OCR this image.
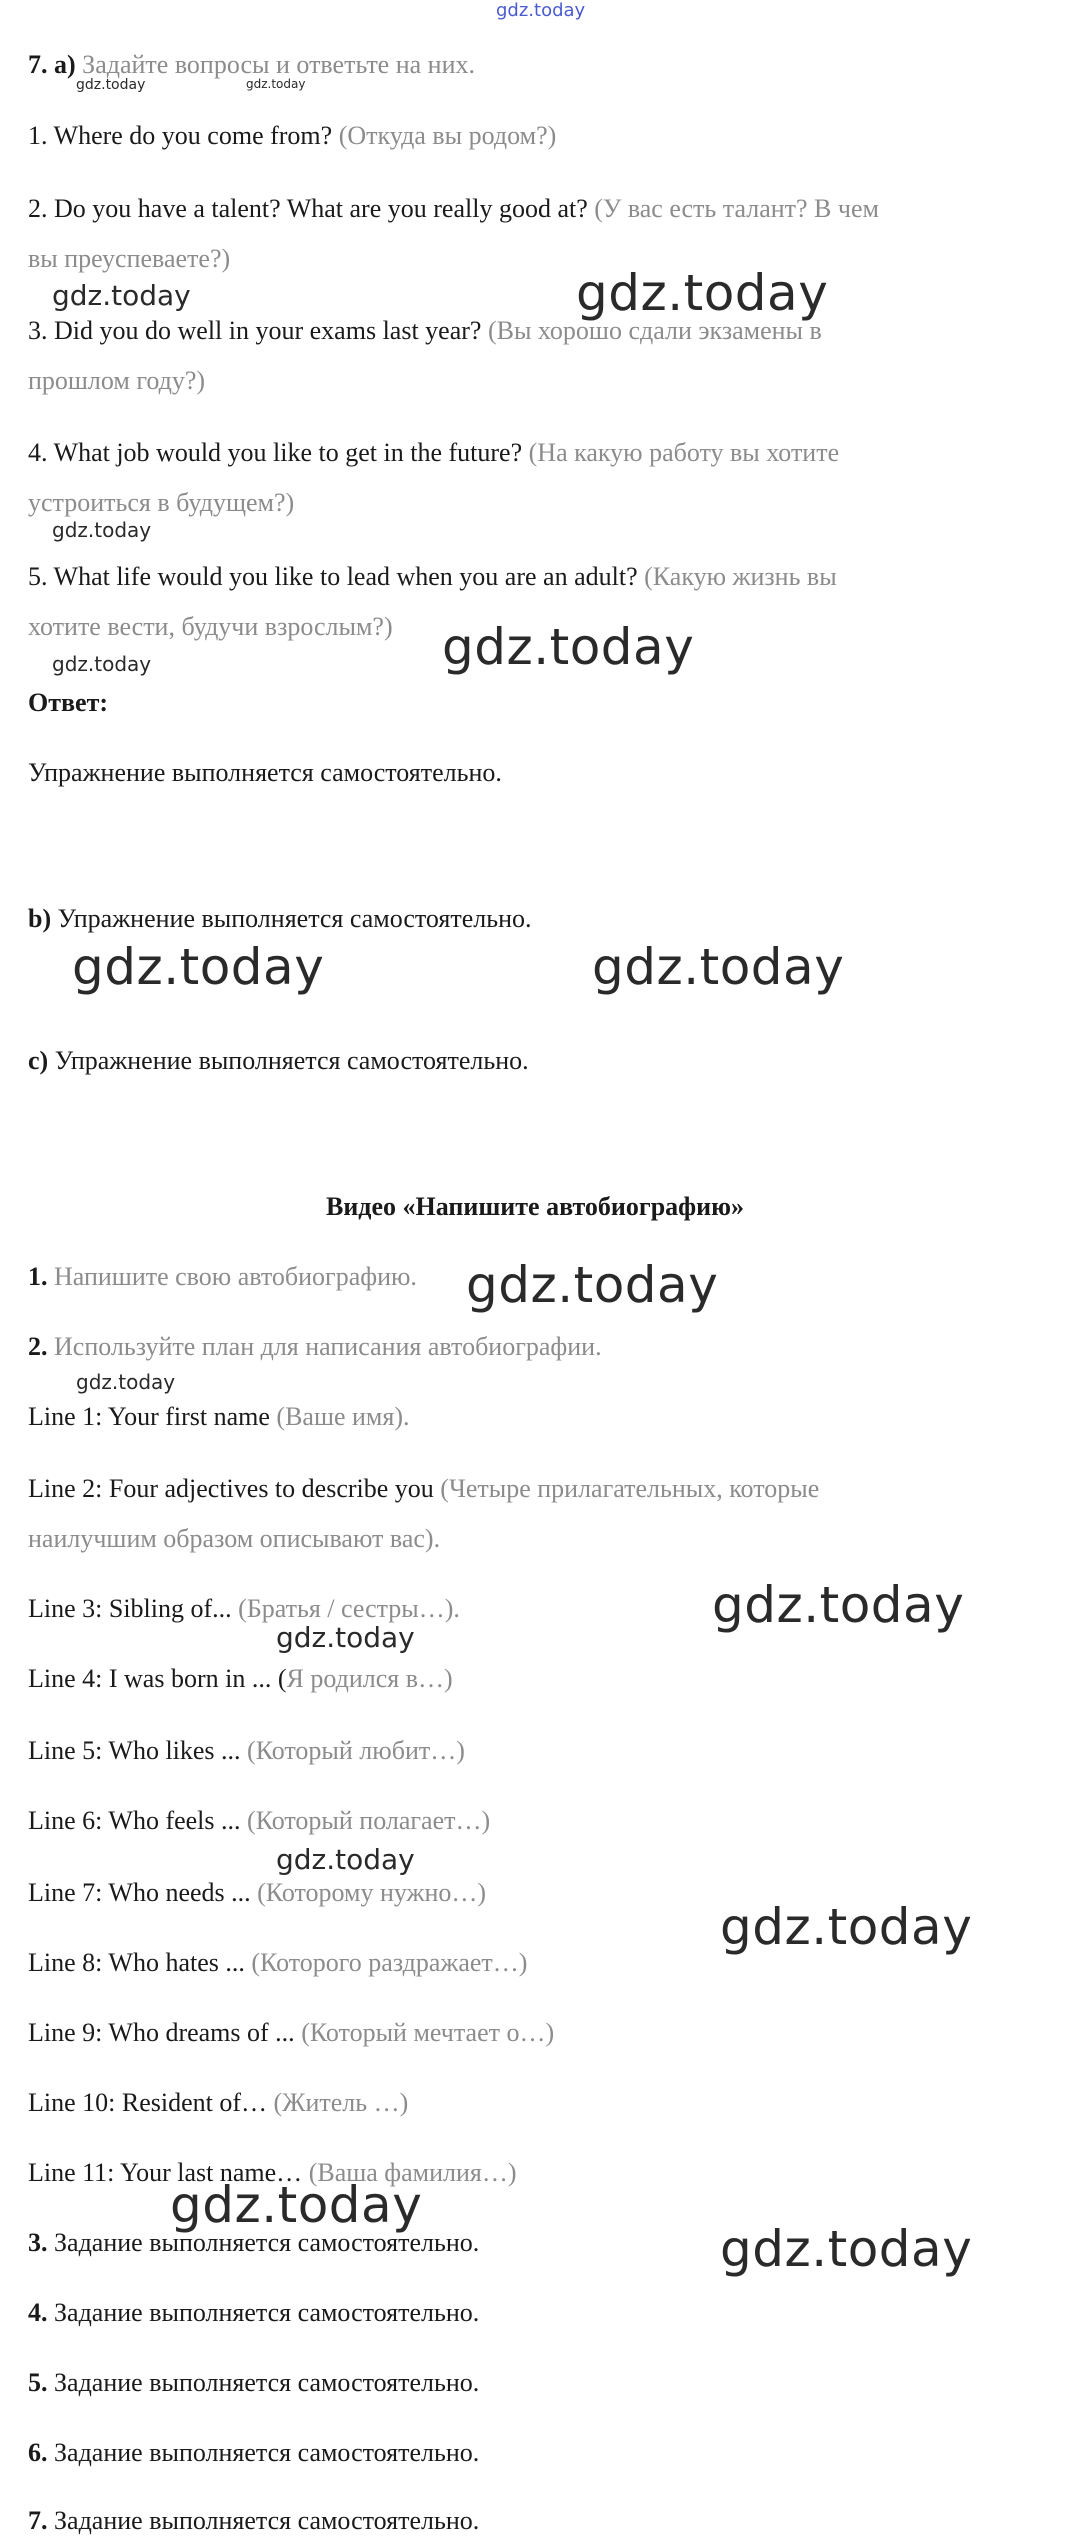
gdz.today
7. а) Задайте вопросы и ответьте на них.
gdz.today	gdz.today
1. Where do you come from? (Откуда вы родом?)
2. Do you have a talent? What are you really good at? (У вас есть талант? В чем
вы преуспеваете?)
gdz.today	gdz.today
3. Did you do well in your exams last year? (Вы хорошо сдали экзамены в
прошлом году?)
4. What job would you like to get in the future? (На какую работу вы хотите
устроиться в будущем?)
gdz.today
5. What life would you like to lead when you are an adult? (Какую жизнь вы
хотите вести, будучи взрослым?) gdz.today
gdz.today
Ответ:
Упражнение выполняется самостоятельно.
b) Упражнение выполняется самостоятельно.
gdz.today	gdz.today
c) Упражнение выполняется самостоятельно.
Видео «Напишите автобиографию»
1. Напишите свою автобиографию. gdz.today
2. Используйте план для написания автобиографии.
gdz.today
Line 1: Your first name (Ваше имя).
Line 2: Four adjectives to describe you (Четыре прилагательных, которые
наилучшим образом описывают вас).
Line 3: Sibling of... (Братья / сестры…).	gdz.today
gdz.today
Line 4: I was born in ... (Я родился в…)
Line 5: Who likes ... (Который любит…)
Line 6: Who feels ... (Который полагает…)
gdz.today
Line 7: Who needs ... (Которому нужно…)
gdz.today
Line 8: Who hates ... (Которого раздражает…)
Line 9: Who dreams of ... (Который мечтает о…)
Line 10: Resident of… (Житель …)
Line 11: Your last name… (Ваша фамилия…)
gdz.today
3. Задание выполняется самостоятельно.	gdz.today
4. Задание выполняется самостоятельно.
5. Задание выполняется самостоятельно.
6. Задание выполняется самостоятельно.
7. Задание выполняется самостоятельно.
